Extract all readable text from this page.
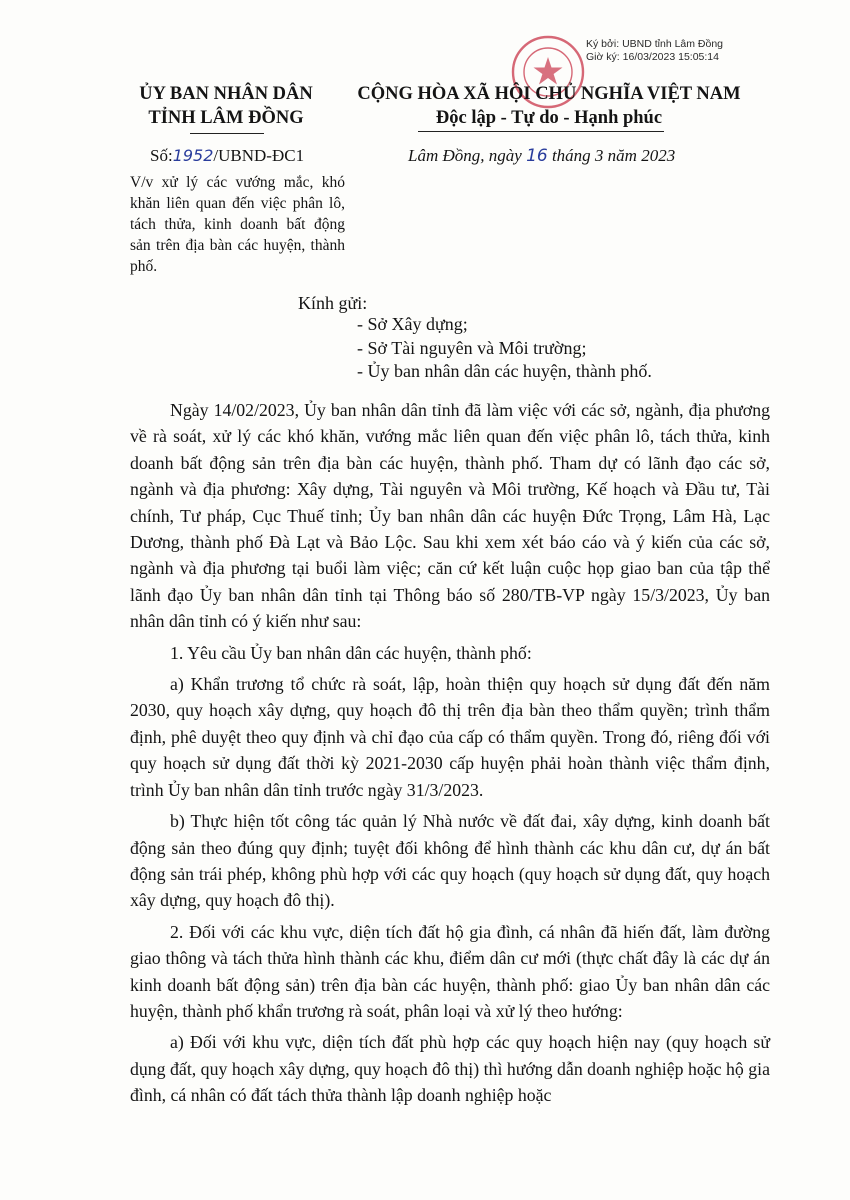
Ký bởi: UBND tỉnh Lâm Đồng
Giờ ký: 16/03/2023 15:05:14
ỦY BAN NHÂN DÂN
TỈNH LÂM ĐỒNG
CỘNG HÒA XÃ HỘI CHỦ NGHĨA VIỆT NAM
Độc lập - Tự do - Hạnh phúc
Số:1952/UBND-ĐC1	Lâm Đồng, ngày 16 tháng 3 năm 2023
V/v xử lý các vướng mắc, khó khăn liên quan đến việc phân lô, tách thửa, kinh doanh bất động sản trên địa bàn các huyện, thành phố.
Kính gửi:
- Sở Xây dựng;
- Sở Tài nguyên và Môi trường;
- Ủy ban nhân dân các huyện, thành phố.

Ngày 14/02/2023, Ủy ban nhân dân tỉnh đã làm việc với các sở, ngành, địa phương về rà soát, xử lý các khó khăn, vướng mắc liên quan đến việc phân lô, tách thửa, kinh doanh bất động sản trên địa bàn các huyện, thành phố. Tham dự có lãnh đạo các sở, ngành và địa phương: Xây dựng, Tài nguyên và Môi trường, Kế hoạch và Đầu tư, Tài chính, Tư pháp, Cục Thuế tỉnh; Ủy ban nhân dân các huyện Đức Trọng, Lâm Hà, Lạc Dương, thành phố Đà Lạt và Bảo Lộc. Sau khi xem xét báo cáo và ý kiến của các sở, ngành và địa phương tại buổi làm việc; căn cứ kết luận cuộc họp giao ban của tập thể lãnh đạo Ủy ban nhân dân tỉnh tại Thông báo số 280/TB-VP ngày 15/3/2023, Ủy ban nhân dân tỉnh có ý kiến như sau:

1. Yêu cầu Ủy ban nhân dân các huyện, thành phố:

a) Khẩn trương tổ chức rà soát, lập, hoàn thiện quy hoạch sử dụng đất đến năm 2030, quy hoạch xây dựng, quy hoạch đô thị trên địa bàn theo thẩm quyền; trình thẩm định, phê duyệt theo quy định và chỉ đạo của cấp có thẩm quyền. Trong đó, riêng đối với quy hoạch sử dụng đất thời kỳ 2021-2030 cấp huyện phải hoàn thành việc thẩm định, trình Ủy ban nhân dân tỉnh trước ngày 31/3/2023.

b) Thực hiện tốt công tác quản lý Nhà nước về đất đai, xây dựng, kinh doanh bất động sản theo đúng quy định; tuyệt đối không để hình thành các khu dân cư, dự án bất động sản trái phép, không phù hợp với các quy hoạch (quy hoạch sử dụng đất, quy hoạch xây dựng, quy hoạch đô thị).

2. Đối với các khu vực, diện tích đất hộ gia đình, cá nhân đã hiến đất, làm đường giao thông và tách thửa hình thành các khu, điểm dân cư mới (thực chất đây là các dự án kinh doanh bất động sản) trên địa bàn các huyện, thành phố: giao Ủy ban nhân dân các huyện, thành phố khẩn trương rà soát, phân loại và xử lý theo hướng:

a) Đối với khu vực, diện tích đất phù hợp các quy hoạch hiện nay (quy hoạch sử dụng đất, quy hoạch xây dựng, quy hoạch đô thị) thì hướng dẫn doanh nghiệp hoặc hộ gia đình, cá nhân có đất tách thửa thành lập doanh nghiệp hoặc
